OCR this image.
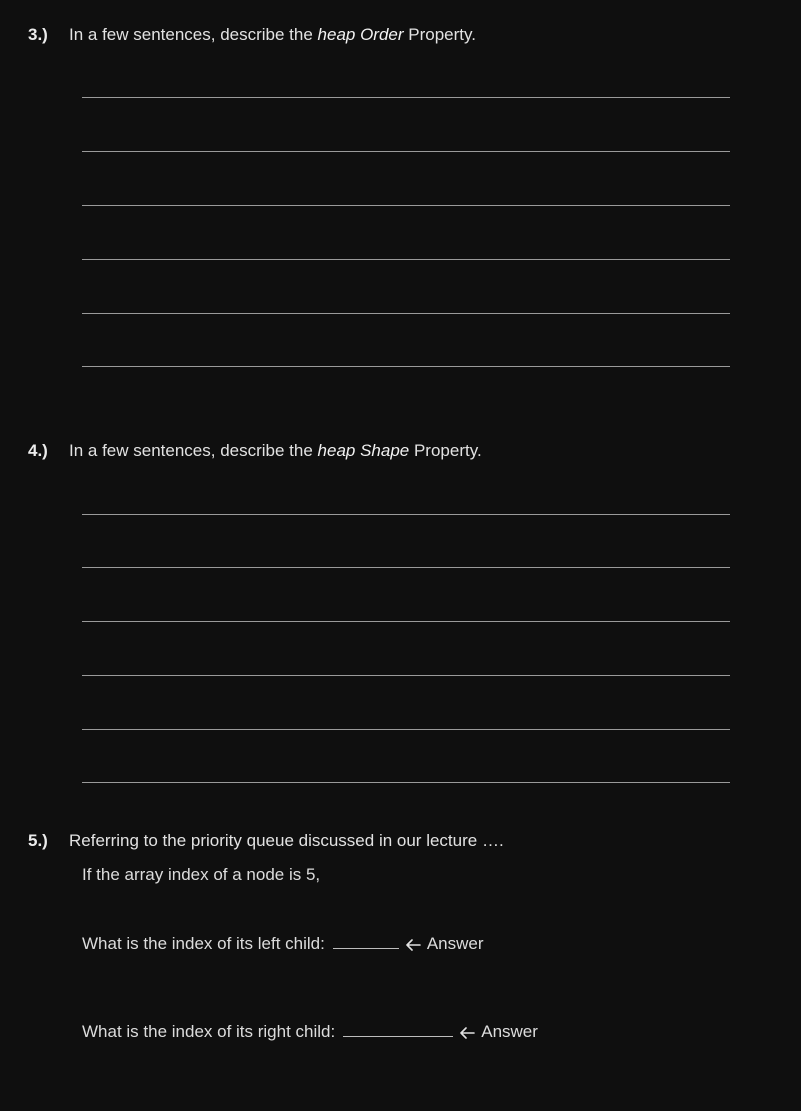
3.)	In a few sentences, describe the heap Order Property.
4.)	In a few sentences, describe the heap Shape Property.
5.)	Referring to the priority queue discussed in our lecture ….
If the array index of a node is 5,
What is the index of its left child:	Answer
What is the index of its right child:	Answer
